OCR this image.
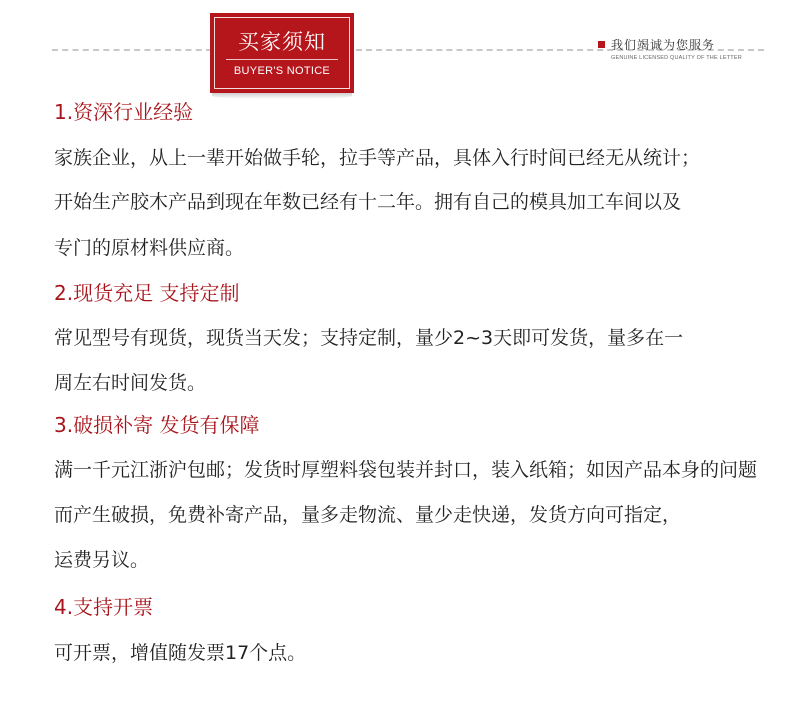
买家须知
BUYER'S NOTICE
我们竭诚为您服务
GENUINE LICENSED QUALITY OF THE LETTER
1.资深行业经验
家族企业，从上一辈开始做手轮，拉手等产品，具体入行时间已经无从统计；
开始生产胶木产品到现在年数已经有十二年。拥有自己的模具加工车间以及
专门的原材料供应商。
2.现货充足 支持定制
常见型号有现货，现货当天发；支持定制，量少2~3天即可发货，量多在一
周左右时间发货。
3.破损补寄 发货有保障
满一千元江浙沪包邮；发货时厚塑料袋包装并封口，装入纸箱；如因产品本身的问题
而产生破损，免费补寄产品，量多走物流、量少走快递，发货方向可指定，
运费另议。
4.支持开票
可开票，增值随发票17个点。
